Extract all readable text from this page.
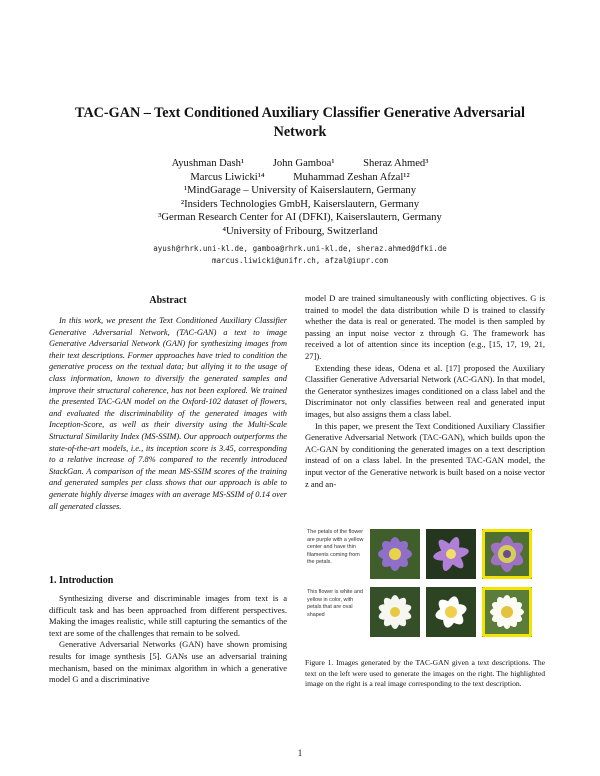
TAC-GAN – Text Conditioned Auxiliary Classifier Generative Adversarial Network
Ayushman Dash¹	John Gamboa¹	Sheraz Ahmed³
Marcus Liwicki¹⁴	Muhammad Zeshan Afzal¹²
¹MindGarage – University of Kaiserslautern, Germany
²Insiders Technologies GmbH, Kaiserslautern, Germany
³German Research Center for AI (DFKI), Kaiserslautern, Germany
⁴University of Fribourg, Switzerland
ayush@rhrk.uni-kl.de, gamboa@rhrk.uni-kl.de, sheraz.ahmed@dfki.de
marcus.liwicki@unifr.ch, afzal@iupr.com
Abstract

In this work, we present the Text Conditioned Auxiliary Classifier Generative Adversarial Network, (TAC-GAN) a text to image Generative Adversarial Network (GAN) for synthesizing images from their text descriptions. Former approaches have tried to condition the generative process on the textual data; but allying it to the usage of class information, known to diversify the generated samples and improve their structural coherence, has not been explored. We trained the presented TAC-GAN model on the Oxford-102 dataset of flowers, and evaluated the discriminability of the generated images with Inception-Score, as well as their diversity using the Multi-Scale Structural Similarity Index (MS-SSIM). Our approach outperforms the state-of-the-art models, i.e., its inception score is 3.45, corresponding to a relative increase of 7.8% compared to the recently introduced StackGan. A comparison of the mean MS-SSIM scores of the training and generated samples per class shows that our approach is able to generate highly diverse images with an average MS-SSIM of 0.14 over all generated classes.

1. Introduction

Synthesizing diverse and discriminable images from text is a difficult task and has been approached from different perspectives. Making the images realistic, while still capturing the semantics of the text are some of the challenges that remain to be solved.

Generative Adversarial Networks (GAN) have shown promising results for image synthesis [5]. GANs use an adversarial training mechanism, based on the minimax algorithm in which a generative model G and a discriminative

model D are trained simultaneously with conflicting objectives. G is trained to model the data distribution while D is trained to classify whether the data is real or generated. The model is then sampled by passing an input noise vector z through G. The framework has received a lot of attention since its inception (e.g., [15, 17, 19, 21, 27]).

Extending these ideas, Odena et al. [17] proposed the Auxiliary Classifier Generative Adversarial Network (AC-GAN). In that model, the Generator synthesizes images conditioned on a class label and the Discriminator not only classifies between real and generated input images, but also assigns them a class label.

In this paper, we present the Text Conditioned Auxiliary Classifier Generative Adversarial Network (TAC-GAN), which builds upon the AC-GAN by conditioning the generated images on a text description instead of on a class label. In the presented TAC-GAN model, the input vector of the Generative network is built based on a noise vector z and an-

The petals of the flower are purple with a yellow center and have thin filaments coming from the petals.
This flower is white and yellow in color, with petals that are oval shaped
Figure 1. Images generated by the TAC-GAN given a text descriptions. The text on the left were used to generate the images on the right. The highlighted image on the right is a real image corresponding to the text description.
1
